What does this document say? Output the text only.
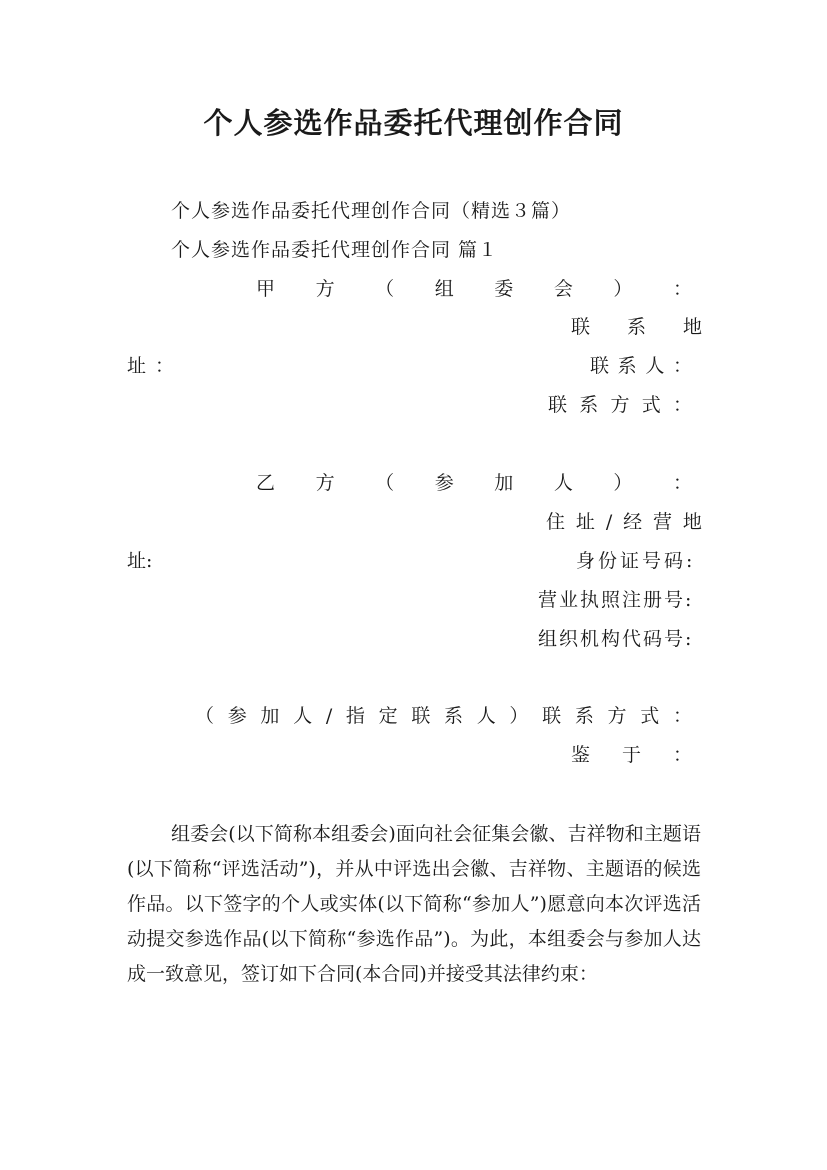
个人参选作品委托代理创作合同

个人参选作品委托代理创作合同（精选３篇）

个人参选作品委托代理创作合同 篇１

甲 方 （ 组 委 会 ） ：
联 系 地

址：	联 系 人 ：
联 系 方 式 ：
乙 方 （ 参 加 人 ） ：
住 址 / 经 营 地

址:	身份证号码:

营业执照注册号:

组织机构代码号:

（ 参 加 人 / 指 定 联 系 人 ） 联 系 方 式 ：
鉴 于 ：

组委会(以下简称本组委会)面向社会征集会徽、吉祥物和主题语(以下简称“评选活动”)，并从中评选出会徽、吉祥物、主题语的候选作品。以下签字的个人或实体(以下简称“参加人”)愿意向本次评选活动提交参选作品(以下简称“参选作品”)。为此，本组委会与参加人达成一致意见，签订如下合同(本合同)并接受其法律约束：
